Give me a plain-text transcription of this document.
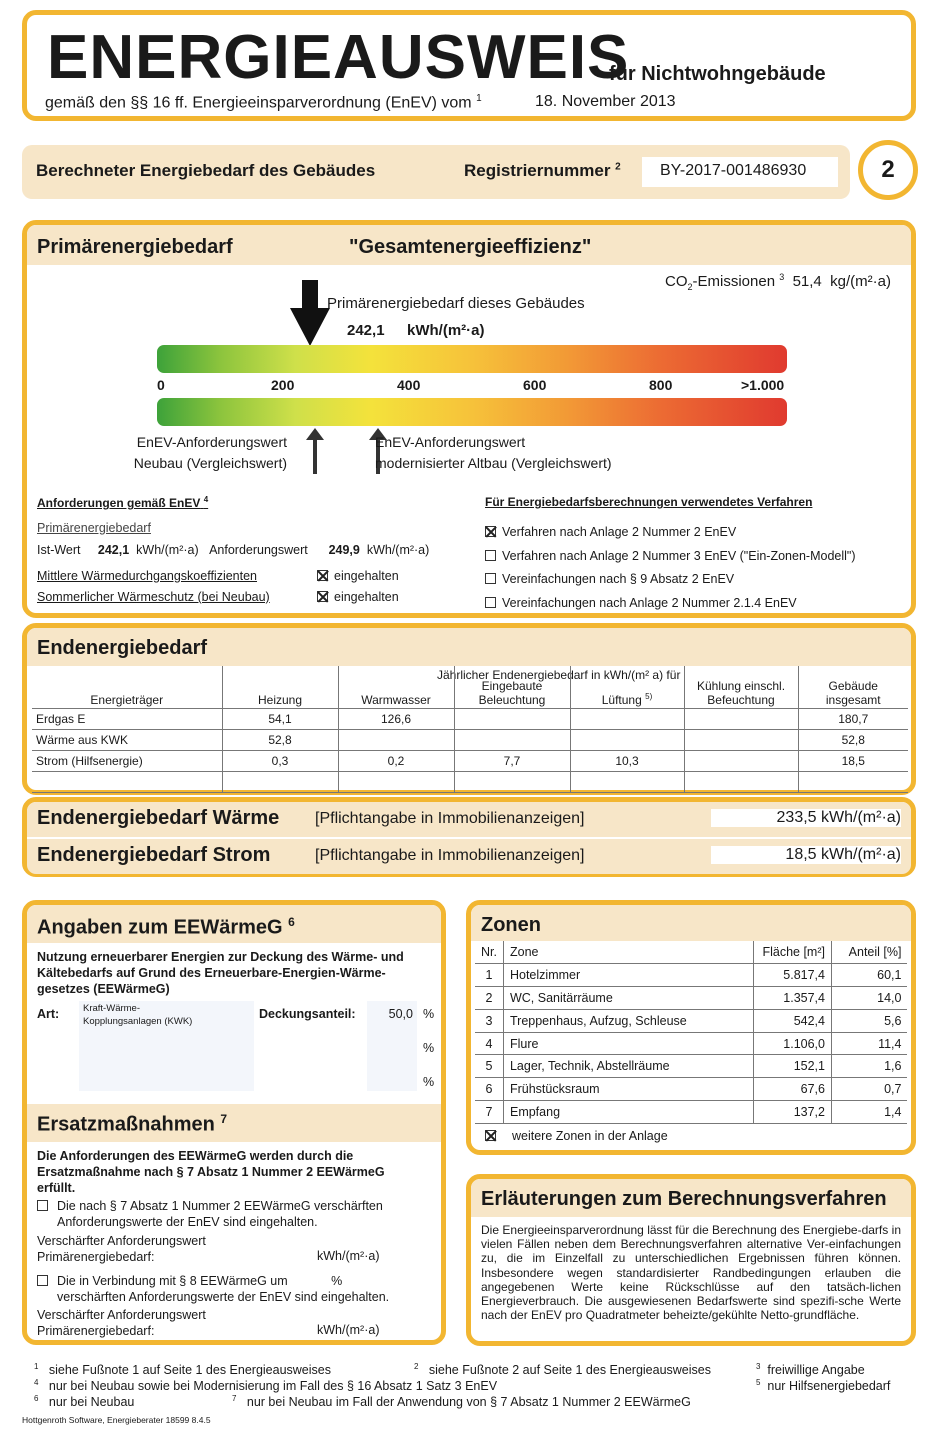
ENERGIEAUSWEIS
für Nichtwohngebäude
gemäß den §§ 16 ff. Energieeinsparverordnung (EnEV) vom $^1$	18. November 2013
Berechneter Energiebedarf des Gebäudes	Registriernummer $^2$	BY-2017-001486930	2
Primärenergiebedarf	"Gesamtenergieeffizienz"
$CO_2$-Emissionen $^3$ 51,4 kg/(m²·a)
Primärenergiebedarf dieses Gebäudes
242,1 kWh/(m²·a)
0	200	400	600	800	>1.000
EnEV-Anforderungswert
Neubau (Vergleichswert)
EnEV-Anforderungswert
modernisierter Altbau (Vergleichswert)
Anforderungen gemäß EnEV $^4$
Primärenergiebedarf
Ist-Wert 242,1 kWh/(m²·a) Anforderungswert 249,9 kWh/(m²·a)
Mittlere Wärmedurchgangskoeffizienten	eingehalten
Sommerlicher Wärmeschutz (bei Neubau)	eingehalten
Für Energiebedarfsberechnungen verwendetes Verfahren
Verfahren nach Anlage 2 Nummer 2 EnEV
Verfahren nach Anlage 2 Nummer 3 EnEV ("Ein-Zonen-Modell")
Vereinfachungen nach § 9 Absatz 2 EnEV
Vereinfachungen nach Anlage 2 Nummer 2.1.4 EnEV
Endenergiebedarf
Jährlicher Endenergiebedarf in kWh/(m² a) für
Energieträger	Heizung	Warmwasser	Eingebaute Beleuchtung	Lüftung $^{5)}$	Kühlung einschl. Befeuchtung	Gebäude insgesamt
Erdgas E	54,1	126,6				180,7
Wärme aus KWK	52,8					52,8
Strom (Hilfsenergie)	0,3	0,2	7,7	10,3		18,5

Endenergiebedarf Wärme [Pflichtangabe in Immobilienanzeigen]	233,5 kWh/(m²·a)
Endenergiebedarf Strom	[Pflichtangabe in Immobilienanzeigen]	18,5 kWh/(m²·a)
Angaben zum EEWärmeG $^6$
Nutzung erneuerbarer Energien zur Deckung des Wärme- und Kältebedarfs auf Grund des Erneuerbare-Energien-Wärme-gesetzes (EEWärmeG)
Art:	Kraft-Wärme-
Kopplungsanlagen (KWK)
Deckungsanteil:	50,0 %
%
%
Ersatzmaßnahmen $^7$
Die Anforderungen des EEWärmeG werden durch die Ersatzmaßnahme nach § 7 Absatz 1 Nummer 2 EEWärmeG erfüllt.
Die nach § 7 Absatz 1 Nummer 2 EEWärmeG verschärften Anforderungswerte der EnEV sind eingehalten.
Verschärfter Anforderungswert
Primärenergiebedarf:	kWh/(m²·a)
Die in Verbindung mit § 8 EEWärmeG um	%
verschärften Anforderungswerte der EnEV sind eingehalten.
Verschärfter Anforderungswert
Primärenergiebedarf:	kWh/(m²·a)
Zonen
Nr.	Zone	Fläche [m²]	Anteil [%]
1	Hotelzimmer	5.817,4	60,1
2	WC, Sanitärräume	1.357,4	14,0
3	Treppenhaus, Aufzug, Schleuse	542,4	5,6
4	Flure	1.106,0	11,4
5	Lager, Technik, Abstellräume	152,1	1,6
6	Frühstücksraum	67,6	0,7
7	Empfang	137,2	1,4
weitere Zonen in der Anlage
Erläuterungen zum Berechnungsverfahren
Die Energieeinsparverordnung lässt für die Berechnung des Energiebe-darfs in vielen Fällen neben dem Berechnungsverfahren alternative Ver-einfachungen zu, die im Einzelfall zu unterschiedlichen Ergebnissen führen können. Insbesondere wegen standardisierter Randbedingungen erlauben die angegebenen Werte keine Rückschlüsse auf den tatsäch-lichen Energieverbrauch. Die ausgewiesenen Bedarfswerte sind spezifi-sche Werte nach der EnEV pro Quadratmeter beheizte/gekühlte Netto-grundfläche.
$^1$ siehe Fußnote 1 auf Seite 1 des Energieausweises	$^2$ siehe Fußnote 2 auf Seite 1 des Energieausweises	$^3$ freiwillige Angabe
$^4$ nur bei Neubau sowie bei Modernisierung im Fall des § 16 Absatz 1 Satz 3 EnEV	$^5$ nur Hilfsenergiebedarf
$^6$ nur bei Neubau	$^7$ nur bei Neubau im Fall der Anwendung von § 7 Absatz 1 Nummer 2 EEWärmeG
Hottgenroth Software, Energieberater 18599 8.4.5
